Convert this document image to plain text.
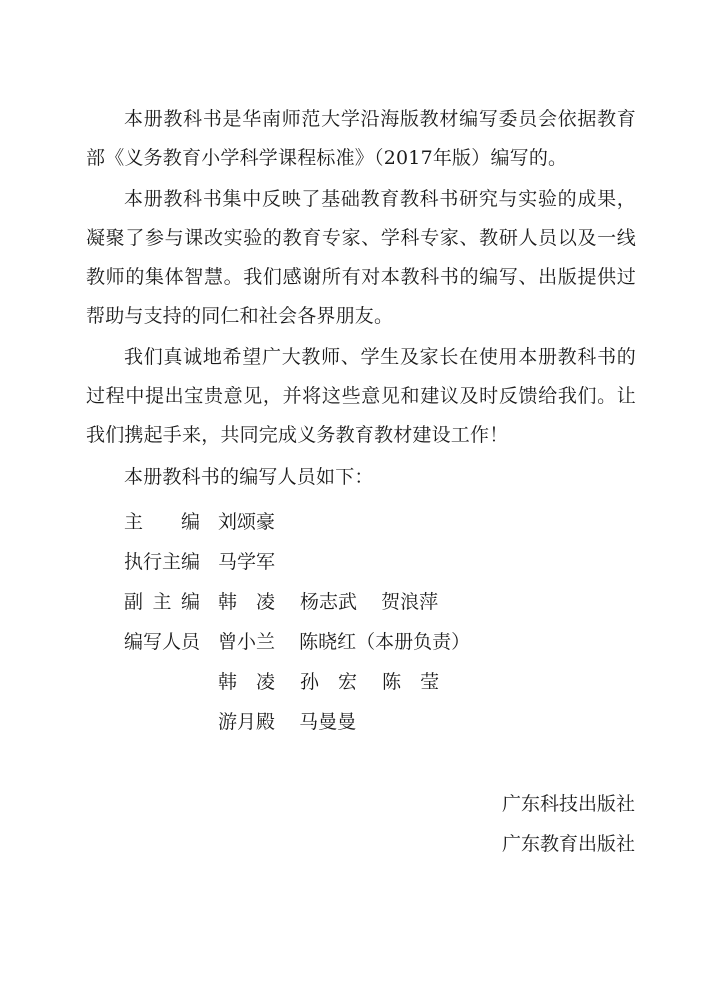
本册教科书是华南师范大学沿海版教材编写委员会依据教育部《义务教育小学科学课程标准》（2017年版）编写的。

本册教科书集中反映了基础教育教科书研究与实验的成果，凝聚了参与课改实验的教育专家、学科专家、教研人员以及一线教师的集体智慧。我们感谢所有对本教科书的编写、出版提供过帮助与支持的同仁和社会各界朋友。

我们真诚地希望广大教师、学生及家长在使用本册教科书的过程中提出宝贵意见，并将这些意见和建议及时反馈给我们。让我们携起手来，共同完成义务教育教材建设工作！

本册教科书的编写人员如下：

主编 刘颂豪
执行主编 马学军
副主编 韩凌 杨志武 贺浪萍
编写人员 曾小兰 陈晓红（本册负责）
韩凌 孙宏 陈莹
游月殿 马曼曼
广东科技出版社
广东教育出版社
